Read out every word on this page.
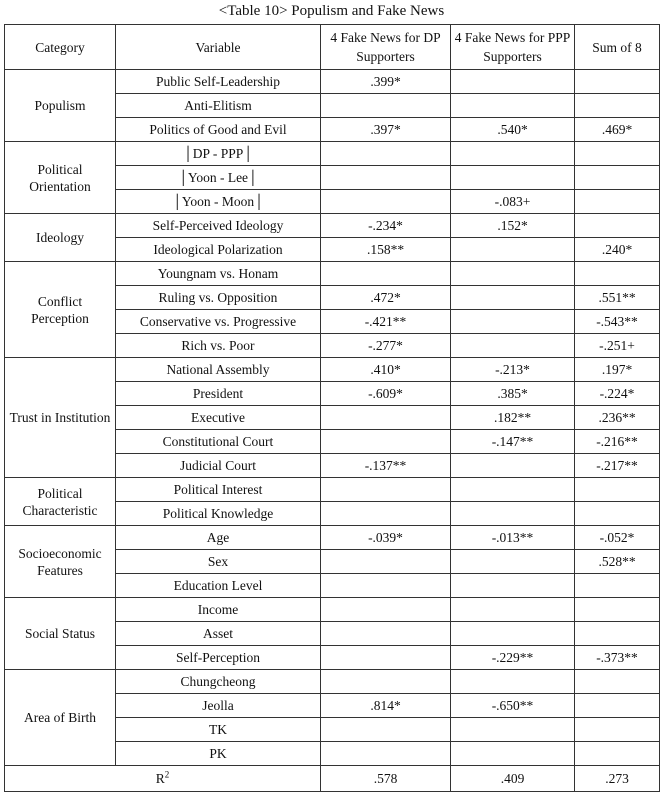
<Table 10> Populism and Fake News
Category	Variable	4 Fake News for DP Supporters	4 Fake News for PPP Supporters	Sum of 8
Populism	Public Self-Leadership	.399*		
	Anti-Elitism			
	Politics of Good and Evil	.397*	.540*	.469*
Political Orientation	│DP - PPP│			
	│Yoon - Lee│			
	│Yoon - Moon│		-.083+	
Ideology	Self-Perceived Ideology	-.234*	.152*	
	Ideological Polarization	.158**		.240*
Conflict Perception	Youngnam vs. Honam			
	Ruling vs. Opposition	.472*		.551**
	Conservative vs. Progressive	-.421**		-.543**
	Rich vs. Poor	-.277*		-.251+
Trust in Institution	National Assembly	.410*	-.213*	.197*
	President	-.609*	.385*	-.224*
	Executive		.182**	.236**
	Constitutional Court		-.147**	-.216**
	Judicial Court	-.137**		-.217**
Political Characteristic	Political Interest			
	Political Knowledge			
Socioeconomic Features	Age	-.039*	-.013**	-.052*
	Sex			.528**
	Education Level			
Social Status	Income			
	Asset			
	Self-Perception		-.229**	-.373**
Area of Birth	Chungcheong			
	Jeolla	.814*	-.650**	
	TK			
	PK			
$R^2$		.578	.409	.273
